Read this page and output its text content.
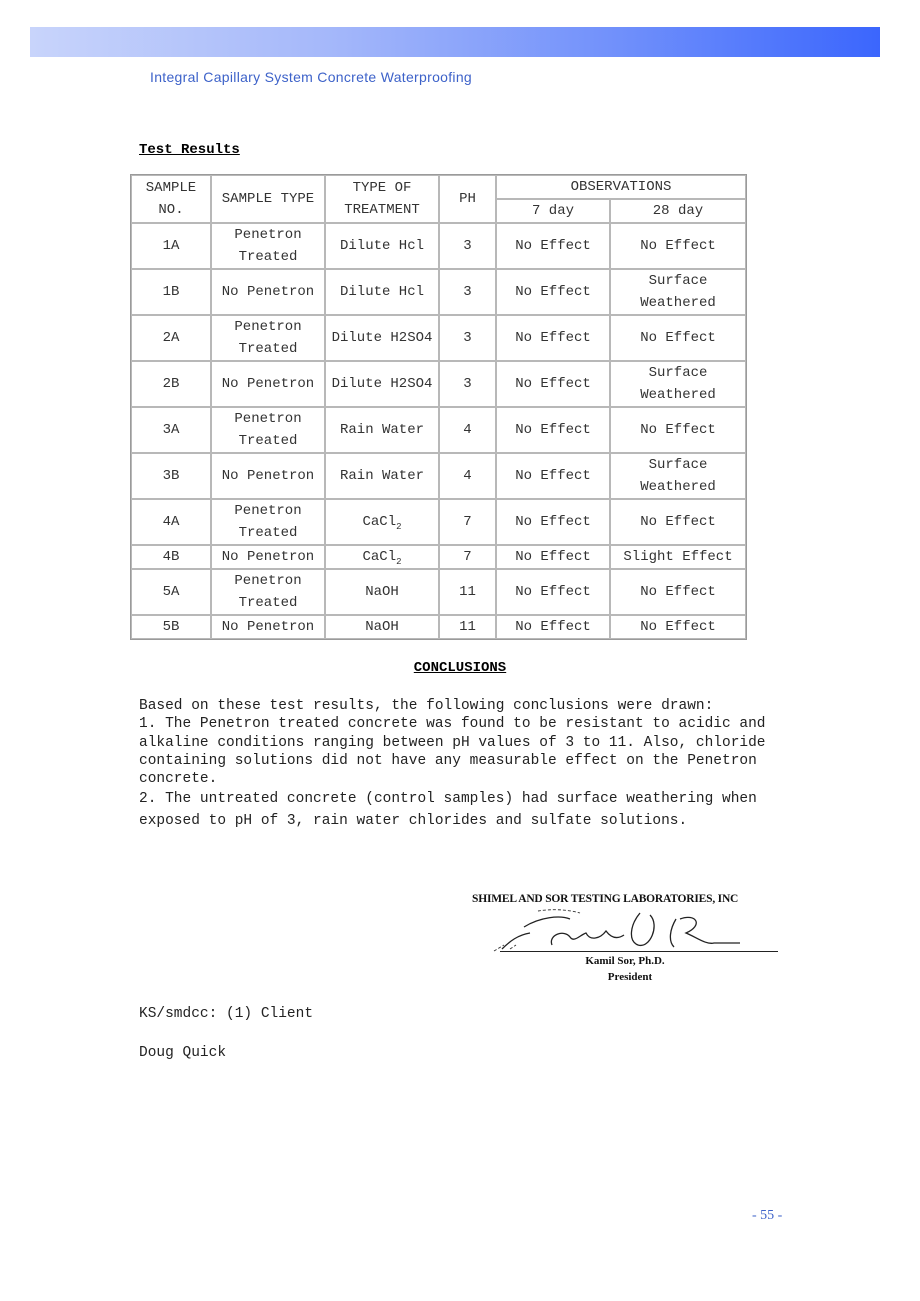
Integral Capillary System Concrete Waterproofing
Test Results
SAMPLE NO.	SAMPLE TYPE	TYPE OF TREATMENT	PH	OBSERVATIONS	
				7 day	28 day
1A	Penetron Treated	Dilute Hcl	3	No Effect	No Effect
1B	No Penetron	Dilute Hcl	3	No Effect	Surface Weathered
2A	Penetron Treated	Dilute H2SO4	3	No Effect	No Effect
2B	No Penetron	Dilute H2SO4	3	No Effect	Surface Weathered
3A	Penetron Treated	Rain Water	4	No Effect	No Effect
3B	No Penetron	Rain Water	4	No Effect	Surface Weathered
4A	Penetron Treated	CaCl$_2$	7	No Effect	No Effect
4B	No Penetron	CaCl$_2$	7	No Effect	Slight Effect
5A	Penetron Treated	NaOH	11	No Effect	No Effect
5B	No Penetron	NaOH	11	No Effect	No Effect
CONCLUSIONS

Based on these test results, the following conclusions were drawn:

1. The Penetron treated concrete was found to be resistant to acidic and alkaline conditions ranging between pH values of 3 to 11. Also, chloride containing solutions did not have any measurable effect on the Penetron concrete.

2. The untreated concrete (control samples) had surface weathering when exposed to pH of 3, rain water chlorides and sulfate solutions.

SHIMEL AND SOR TESTING LABORATORIES, INC
Kamil Sor, Ph.D.
President
KS/smdcc: (1) Client
Doug Quick
- 55 -
